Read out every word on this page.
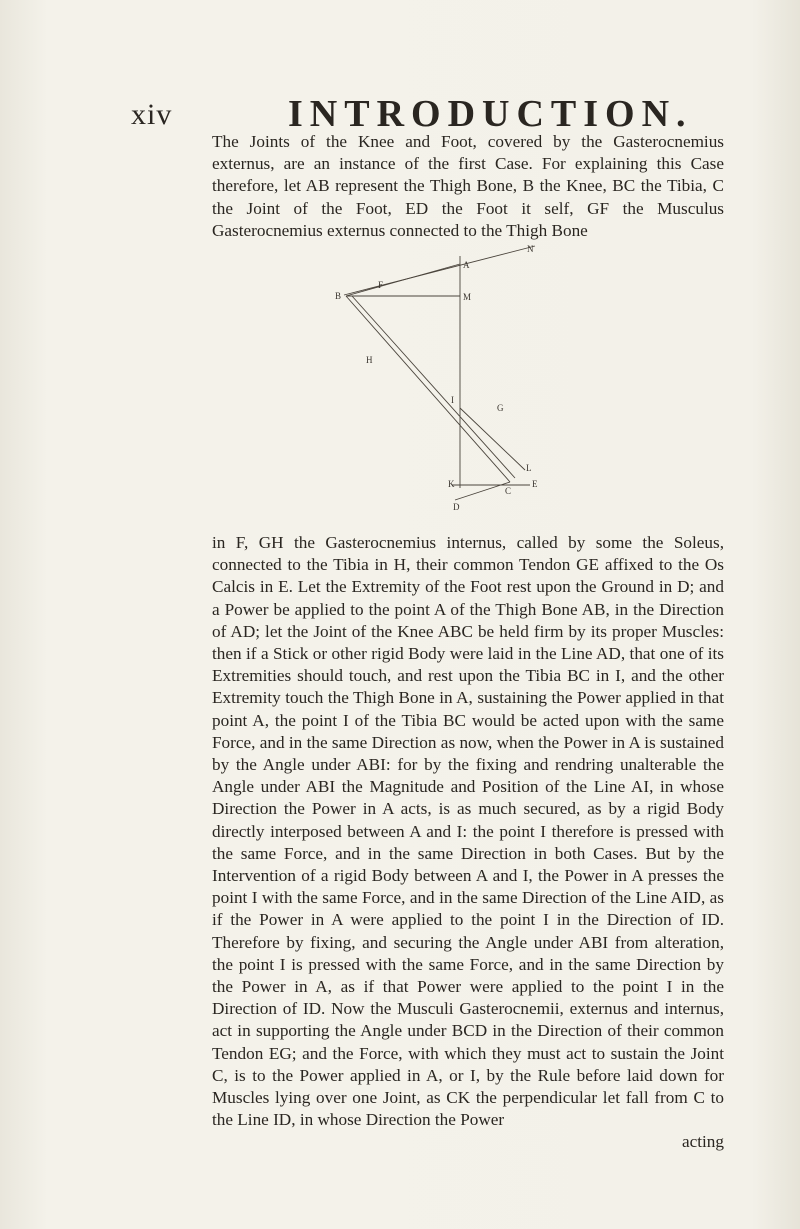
xiv	INTRODUCTION.

The Joints of the Knee and Foot, covered by the Gasterocnemius externus, are an instance of the first Case. For explaining this Case therefore, let AB represent the Thigh Bone, B the Knee, BC the Tibia, C the Joint of the Foot, ED the Foot it self, GF the Musculus Gasterocnemius externus connected to the Thigh Bone

N
A
F
B	M
H
I
G
L
K
C
E
D

in F, GH the Gasterocnemius internus, called by some the Soleus, connected to the Tibia in H, their common Tendon GE affixed to the Os Calcis in E. Let the Extremity of the Foot rest upon the Ground in D; and a Power be applied to the point A of the Thigh Bone AB, in the Direction of AD; let the Joint of the Knee ABC be held firm by its proper Muscles: then if a Stick or other rigid Body were laid in the Line AD, that one of its Extremities should touch, and rest upon the Tibia BC in I, and the other Extremity touch the Thigh Bone in A, sustaining the Power applied in that point A, the point I of the Tibia BC would be acted upon with the same Force, and in the same Direction as now, when the Power in A is sustained by the Angle under ABI: for by the fixing and rendring unalterable the Angle under ABI the Magnitude and Position of the Line AI, in whose Direction the Power in A acts, is as much secured, as by a rigid Body directly interposed between A and I: the point I therefore is pressed with the same Force, and in the same Direction in both Cases. But by the Intervention of a rigid Body between A and I, the Power in A presses the point I with the same Force, and in the same Direction of the Line AID, as if the Power in A were applied to the point I in the Direction of ID. Therefore by fixing, and securing the Angle under ABI from alteration, the point I is pressed with the same Force, and in the same Direction by the Power in A, as if that Power were applied to the point I in the Direction of ID. Now the Musculi Gasterocnemii, externus and internus, act in supporting the Angle under BCD in the Direction of their common Tendon EG; and the Force, with which they must act to sustain the Joint C, is to the Power applied in A, or I, by the Rule before laid down for Muscles lying over one Joint, as CK the perpendicular let fall from C to the Line ID, in whose Direction the Power

acting
